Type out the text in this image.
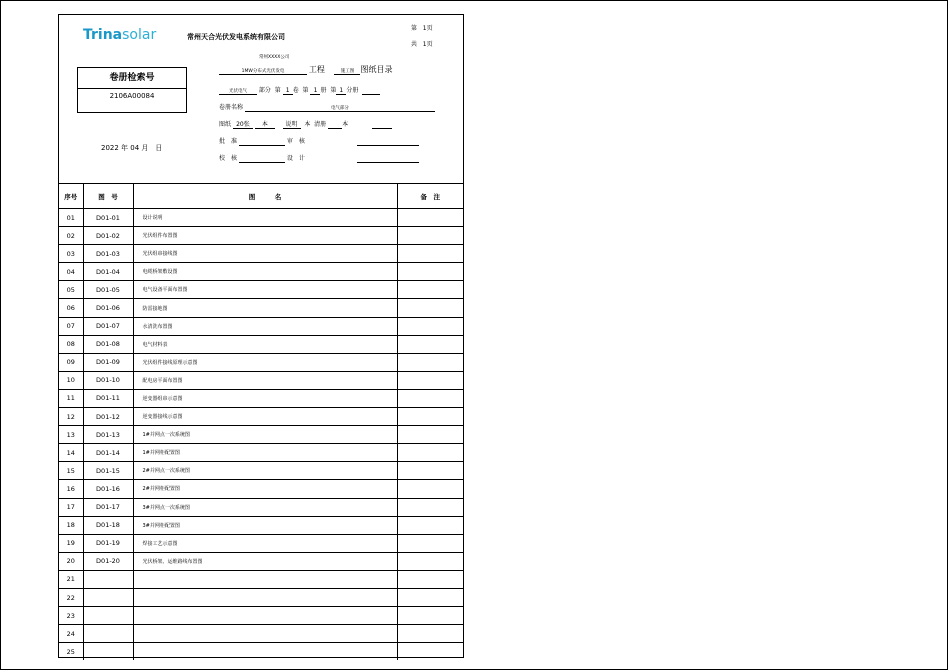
Trinasolar	常州天合光伏发电系统有限公司
第 1页
共 1页
卷册检索号
2106A00084
常州XXXX公司
1MW分布式光伏发电	工程	施工图 图纸目录
光伏电气 部分 第 1 卷 第 1 册 第 1 分册
卷册名称	电气部分
图纸 20张 本	说明 本 清册	本
批　准	审　核
校　核	设　计
2022 年 04 月　日
序号	图　号	图　　　名	备　注
01	D01-01	设计说明	
02	D01-02	光伏组件布置图	
03	D01-03	光伏组串接线图	
04	D01-04	电缆桥架敷设图	
05	D01-05	电气设备平面布置图	
06	D01-06	防雷接地图	
07	D01-07	水清洗布置图	
08	D01-08	电气材料表	
09	D01-09	光伏组件接线原理示意图	
10	D01-10	配电房平面布置图	
11	D01-11	逆变器组串示意图	
12	D01-12	逆变器接线示意图	
13	D01-13	1#并网点一次系统图	
14	D01-14	1#并网柜配置图	
15	D01-15	2#并网点一次系统图	
16	D01-16	2#并网柜配置图	
17	D01-17	3#并网点一次系统图	
18	D01-18	3#并网柜配置图	
19	D01-19	焊接工艺示意图	
20	D01-20	光伏桥架、运维路线布置图	
21			
22			
23			
24			
25			
